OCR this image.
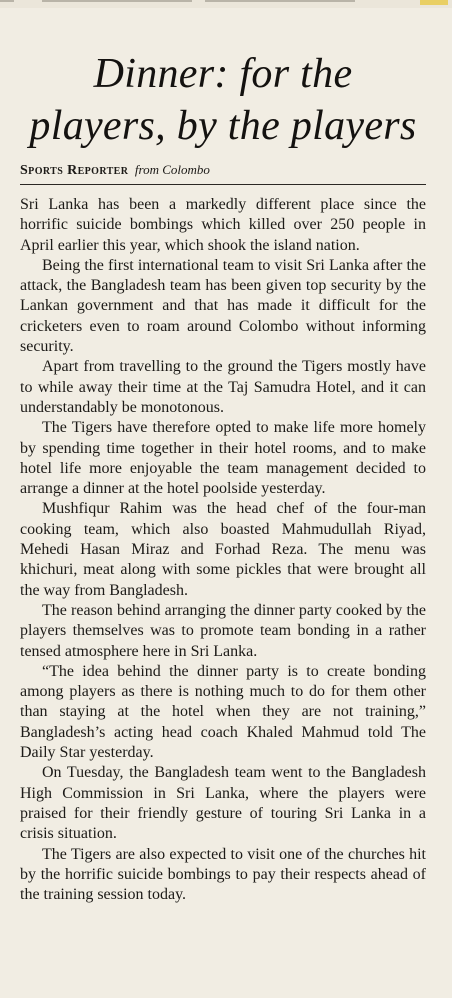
Dinner: for the players, by the players
Sports Reporter from Colombo

Sri Lanka has been a markedly different place since the horrific suicide bombings which killed over 250 people in April earlier this year, which shook the island nation.

Being the first international team to visit Sri Lanka after the attack, the Bangladesh team has been given top security by the Lankan government and that has made it difficult for the cricketers even to roam around Colombo without informing security.

Apart from travelling to the ground the Tigers mostly have to while away their time at the Taj Samudra Hotel, and it can understandably be monotonous.

The Tigers have therefore opted to make life more homely by spending time together in their hotel rooms, and to make hotel life more enjoyable the team management decided to arrange a dinner at the hotel poolside yesterday.

Mushfiqur Rahim was the head chef of the four-man cooking team, which also boasted Mahmudullah Riyad, Mehedi Hasan Miraz and Forhad Reza. The menu was khichuri, meat along with some pickles that were brought all the way from Bangladesh.

The reason behind arranging the dinner party cooked by the players themselves was to promote team bonding in a rather tensed atmosphere here in Sri Lanka.

“The idea behind the dinner party is to create bonding among players as there is nothing much to do for them other than staying at the hotel when they are not training,” Bangladesh’s acting head coach Khaled Mahmud told The Daily Star yesterday.

On Tuesday, the Bangladesh team went to the Bangladesh High Commission in Sri Lanka, where the players were praised for their friendly gesture of touring Sri Lanka in a crisis situation.

The Tigers are also expected to visit one of the churches hit by the horrific suicide bombings to pay their respects ahead of the training session today.
